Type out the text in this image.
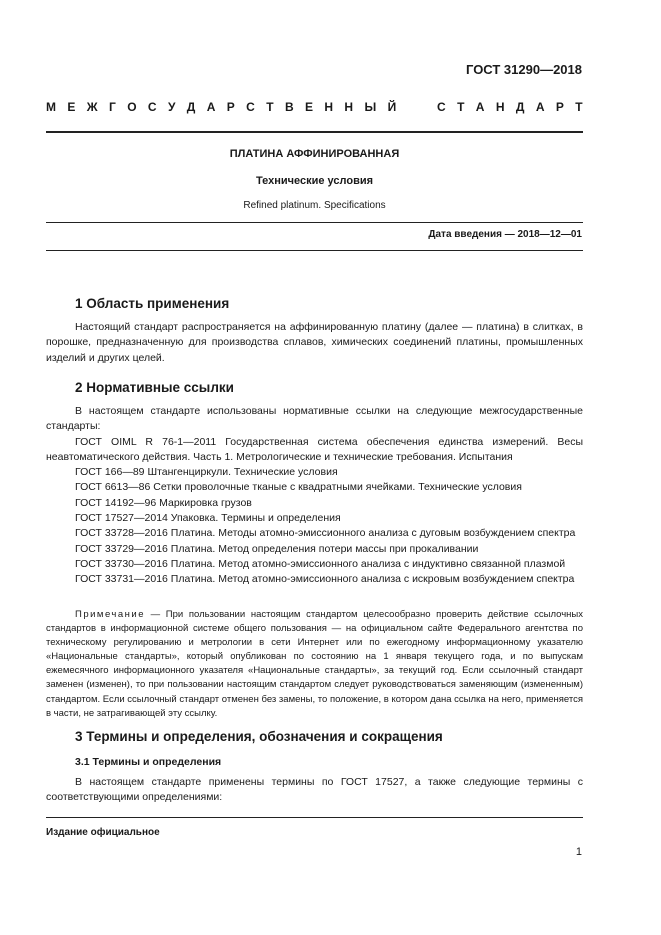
ГОСТ 31290—2018
М Е Ж Г О С У Д А Р С Т В Е Н Н Ы Й

	С Т А Н Д А Р Т
ПЛАТИНА АФФИНИРОВАННАЯ
Технические условия
Refined platinum. Specifications
Дата введения — 2018—12—01
1 Область применения
Настоящий стандарт распространяется на аффинированную платину (далее — платина) в слитках, в порошке, предназначенную для производства сплавов, химических соединений платины, промышленных изделий и других целей.
2 Нормативные ссылки
В настоящем стандарте использованы нормативные ссылки на следующие межгосударственные стандарты:
ГОСТ OIML R 76-1—2011 Государственная система обеспечения единства измерений. Весы неавтоматического действия. Часть 1. Метрологические и технические требования. Испытания
ГОСТ 166—89 Штангенциркули. Технические условия
ГОСТ 6613—86 Сетки проволочные тканые с квадратными ячейками. Технические условия
ГОСТ 14192—96 Маркировка грузов
ГОСТ 17527—2014 Упаковка. Термины и определения
ГОСТ 33728—2016 Платина. Методы атомно-эмиссионного анализа с дуговым возбуждением спектра
ГОСТ 33729—2016 Платина. Метод определения потери массы при прокаливании
ГОСТ 33730—2016 Платина. Метод атомно-эмиссионного анализа с индуктивно связанной плазмой
ГОСТ 33731—2016 Платина. Метод атомно-эмиссионного анализа с искровым возбуждением спектра
Примечание — При пользовании настоящим стандартом целесообразно проверить действие ссылочных стандартов в информационной системе общего пользования — на официальном сайте Федерального агентства по техническому регулированию и метрологии в сети Интернет или по ежегодному информационному указателю «Национальные стандарты», который опубликован по состоянию на 1 января текущего года, и по выпускам ежемесячного информационного указателя «Национальные стандарты», за текущий год. Если ссылочный стандарт заменен (изменен), то при пользовании настоящим стандартом следует руководствоваться заменяющим (измененным) стандартом. Если ссылочный стандарт отменен без замены, то положение, в котором дана ссылка на него, применяется в части, не затрагивающей эту ссылку.
3 Термины и определения, обозначения и сокращения
3.1 Термины и определения
В настоящем стандарте применены термины по ГОСТ 17527, а также следующие термины с соответствующими определениями:
Издание официальное
1
